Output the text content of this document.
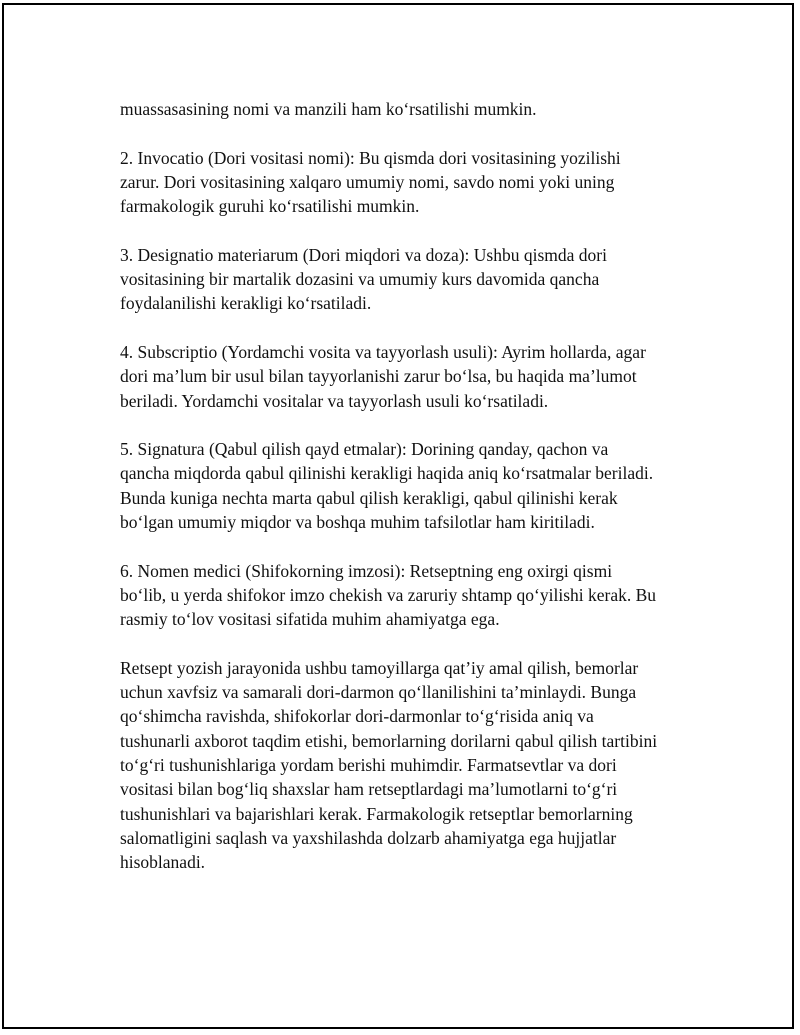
muassasasining nomi va manzili ham ko‘rsatilishi mumkin.
2. Invocatio (Dori vositasi nomi): Bu qismda dori vositasining yozilishi
zarur. Dori vositasining xalqaro umumiy nomi, savdo nomi yoki uning
farmakologik guruhi ko‘rsatilishi mumkin.
3. Designatio materiarum (Dori miqdori va doza): Ushbu qismda dori
vositasining bir martalik dozasini va umumiy kurs davomida qancha
foydalanilishi kerakligi ko‘rsatiladi.
4. Subscriptio (Yordamchi vosita va tayyorlash usuli): Ayrim hollarda, agar
dori ma’lum bir usul bilan tayyorlanishi zarur bo‘lsa, bu haqida ma’lumot
beriladi. Yordamchi vositalar va tayyorlash usuli ko‘rsatiladi.
5. Signatura (Qabul qilish qayd etmalar): Dorining qanday, qachon va
qancha miqdorda qabul qilinishi kerakligi haqida aniq ko‘rsatmalar beriladi.
Bunda kuniga nechta marta qabul qilish kerakligi, qabul qilinishi kerak
bo‘lgan umumiy miqdor va boshqa muhim tafsilotlar ham kiritiladi.
6. Nomen medici (Shifokorning imzosi): Retseptning eng oxirgi qismi
bo‘lib, u yerda shifokor imzo chekish va zaruriy shtamp qo‘yilishi kerak. Bu
rasmiy to‘lov vositasi sifatida muhim ahamiyatga ega.
Retsept yozish jarayonida ushbu tamoyillarga qat’iy amal qilish, bemorlar
uchun xavfsiz va samarali dori-darmon qo‘llanilishini ta’minlaydi. Bunga
qo‘shimcha ravishda, shifokorlar dori-darmonlar to‘g‘risida aniq va
tushunarli axborot taqdim etishi, bemorlarning dorilarni qabul qilish tartibini
to‘g‘ri tushunishlariga yordam berishi muhimdir. Farmatsevtlar va dori
vositasi bilan bog‘liq shaxslar ham retseptlardagi ma’lumotlarni to‘g‘ri
tushunishlari va bajarishlari kerak. Farmakologik retseptlar bemorlarning
salomatligini saqlash va yaxshilashda dolzarb ahamiyatga ega hujjatlar
hisoblanadi.
